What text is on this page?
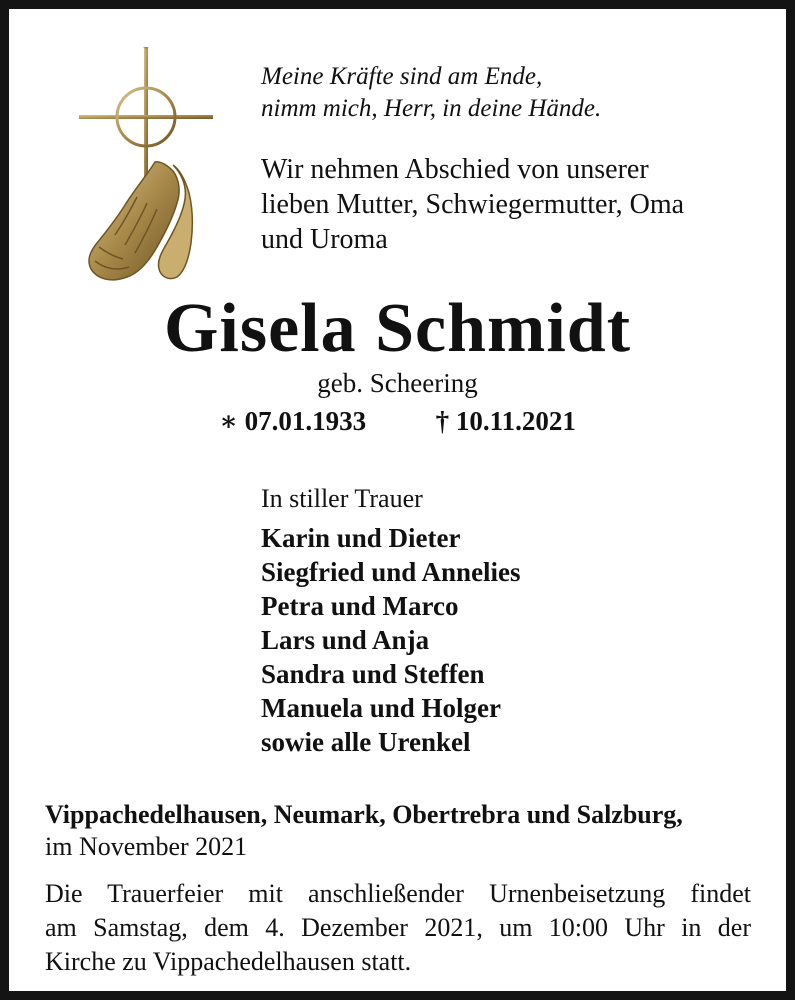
Meine Kräfte sind am Ende,
nimm mich, Herr, in deine Hände.
Wir nehmen Abschied von unserer
lieben Mutter, Schwiegermutter, Oma
und Uroma
Gisela Schmidt
geb. Scheering
∗ 07.01.1933	† 10.11.2021
In stiller Trauer
Karin und Dieter
Siegfried und Annelies
Petra und Marco
Lars und Anja
Sandra und Steffen
Manuela und Holger
sowie alle Urenkel
Vippachedelhausen, Neumark, Obertrebra und Salzburg,
im November 2021
Die Trauerfeier mit anschließender Urnenbeisetzung findet
am Samstag, dem 4. Dezember 2021, um 10:00 Uhr in der
Kirche zu Vippachedelhausen statt.
